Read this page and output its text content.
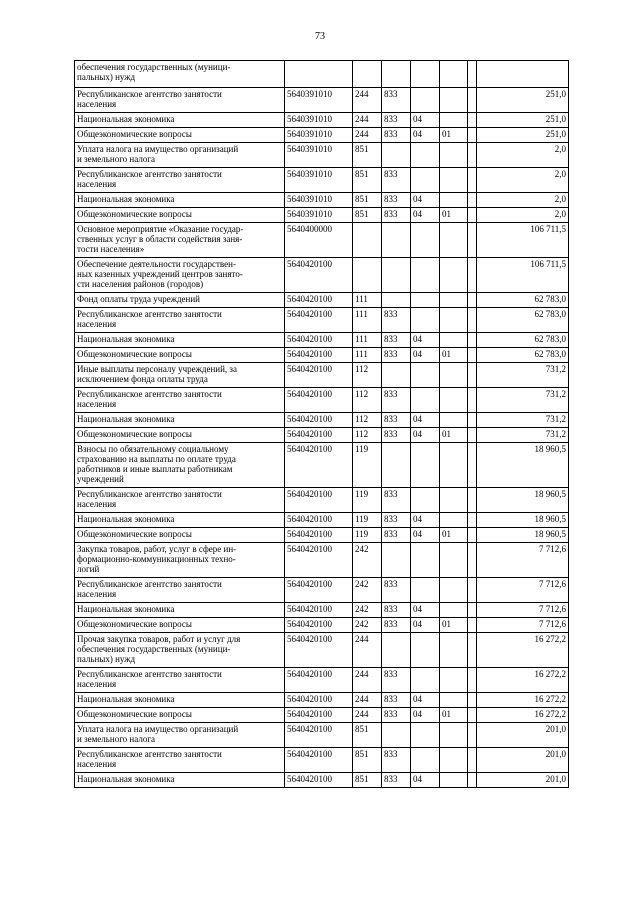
73
обеспечения государственных (муници-
пальных) нужд							
Республиканское агентство занятости
населения	5640391010	244	833				251,0
Национальная экономика	5640391010	244	833	04			251,0
Общеэкономические вопросы	5640391010	244	833	04	01		251,0
Уплата налога на имущество организаций
и земельного налога	5640391010	851					2,0
Республиканское агентство занятости
населения	5640391010	851	833				2,0
Национальная экономика	5640391010	851	833	04			2,0
Общеэкономические вопросы	5640391010	851	833	04	01		2,0
Основное мероприятие «Оказание государ-
ственных услуг в области содействия заня-
тости населения»	5640400000						106 711,5
Обеспечение деятельности государствен-
ных казенных учреждений центров занято-
сти населения районов (городов)	5640420100						106 711,5
Фонд оплаты труда учреждений	5640420100	111					62 783,0
Республиканское агентство занятости
населения	5640420100	111	833				62 783,0
Национальная экономика	5640420100	111	833	04			62 783,0
Общеэкономические вопросы	5640420100	111	833	04	01		62 783,0
Иные выплаты персоналу учреждений, за
исключением фонда оплаты труда	5640420100	112					731,2
Республиканское агентство занятости
населения	5640420100	112	833				731,2
Национальная экономика	5640420100	112	833	04			731,2
Общеэкономические вопросы	5640420100	112	833	04	01		731,2
Взносы по обязательному социальному
страхованию на выплаты по оплате труда
работников и иные выплаты работникам
учреждений	5640420100	119					18 960,5
Республиканское агентство занятости
населения	5640420100	119	833				18 960,5
Национальная экономика	5640420100	119	833	04			18 960,5
Общеэкономические вопросы	5640420100	119	833	04	01		18 960,5
Закупка товаров, работ, услуг в сфере ин-
формационно-коммуникационных техно-
логий	5640420100	242					7 712,6
Республиканское агентство занятости
населения	5640420100	242	833				7 712,6
Национальная экономика	5640420100	242	833	04			7 712,6
Общеэкономические вопросы	5640420100	242	833	04	01		7 712,6
Прочая закупка товаров, работ и услуг для
обеспечения государственных (муници-
пальных) нужд	5640420100	244					16 272,2
Республиканское агентство занятости
населения	5640420100	244	833				16 272,2
Национальная экономика	5640420100	244	833	04			16 272,2
Общеэкономические вопросы	5640420100	244	833	04	01		16 272,2
Уплата налога на имущество организаций
и земельного налога	5640420100	851					201,0
Республиканское агентство занятости
населения	5640420100	851	833				201,0
Национальная экономика	5640420100	851	833	04			201,0
